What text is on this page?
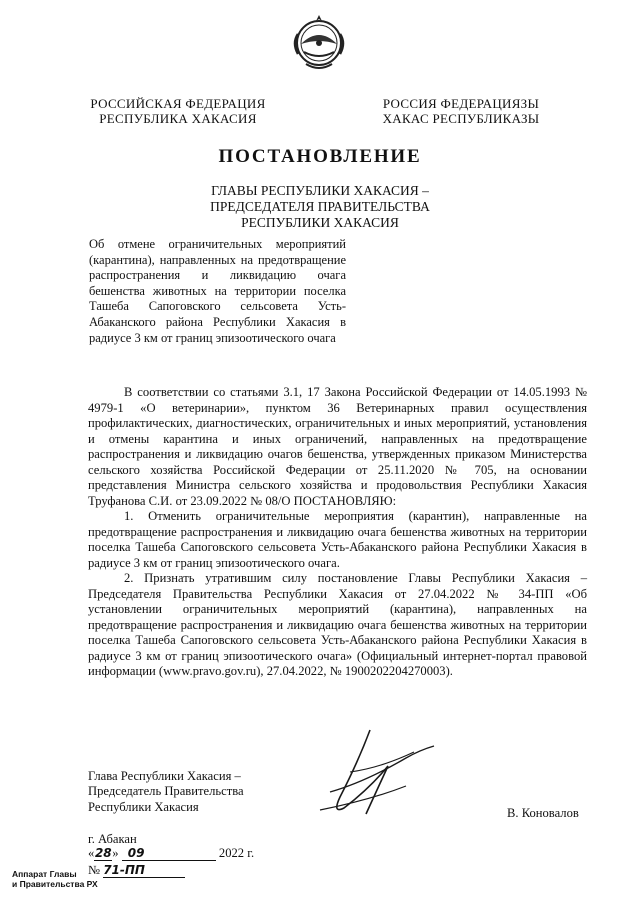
РОССИЙСКАЯ ФЕДЕРАЦИЯ
РЕСПУБЛИКА ХАКАСИЯ
РОССИЯ ФЕДЕРАЦИЯЗЫ
ХАКАС РЕСПУБЛИКАЗЫ
ПОСТАНОВЛЕНИЕ
ГЛАВЫ РЕСПУБЛИКИ ХАКАСИЯ –
ПРЕДСЕДАТЕЛЯ ПРАВИТЕЛЬСТВА
РЕСПУБЛИКИ ХАКАСИЯ
Об отмене ограничительных мероприятий (карантина), направленных на предотвращение распространения и ликвидацию очага бешенства животных на территории поселка Ташеба Сапоговского сельсовета Усть-Абаканского района Республики Хакасия в радиусе 3 км от границ эпизоотического очага

В соответствии со статьями 3.1, 17 Закона Российской Федерации от 14.05.1993 № 4979-1 «О ветеринарии», пунктом 36 Ветеринарных правил осуществления профилактических, диагностических, ограничительных и иных мероприятий, установления и отмены карантина и иных ограничений, направленных на предотвращение распространения и ликвидацию очагов бешенства, утвержденных приказом Министерства сельского хозяйства Российской Федерации от 25.11.2020 № 705, на основании представления Министра сельского хозяйства и продовольствия Республики Хакасия Труфанова С.И. от 23.09.2022 № 08/О ПОСТАНОВЛЯЮ:

1. Отменить ограничительные мероприятия (карантин), направленные на предотвращение распространения и ликвидацию очага бешенства животных на территории поселка Ташеба Сапоговского сельсовета Усть-Абаканского района Республики Хакасия в радиусе 3 км от границ эпизоотического очага.

2. Признать утратившим силу постановление Главы Республики Хакасия – Председателя Правительства Республики Хакасия от 27.04.2022 № 34-ПП «Об установлении ограничительных мероприятий (карантина), направленных на предотвращение распространения и ликвидацию очага бешенства животных на территории поселка Ташеба Сапоговского сельсовета Усть-Абаканского района Республики Хакасия в радиусе 3 км от границ эпизоотического очага» (Официальный интернет-портал правовой информации (www.pravo.gov.ru), 27.04.2022, № 1900202204270003).

Глава Республики Хакасия –
Председатель Правительства
Республики Хакасия	В. Коновалов
г. Абакан
«28» 09	2022 г.
№ 71-ПП
Аппарат Главы
и Правительства РХ
